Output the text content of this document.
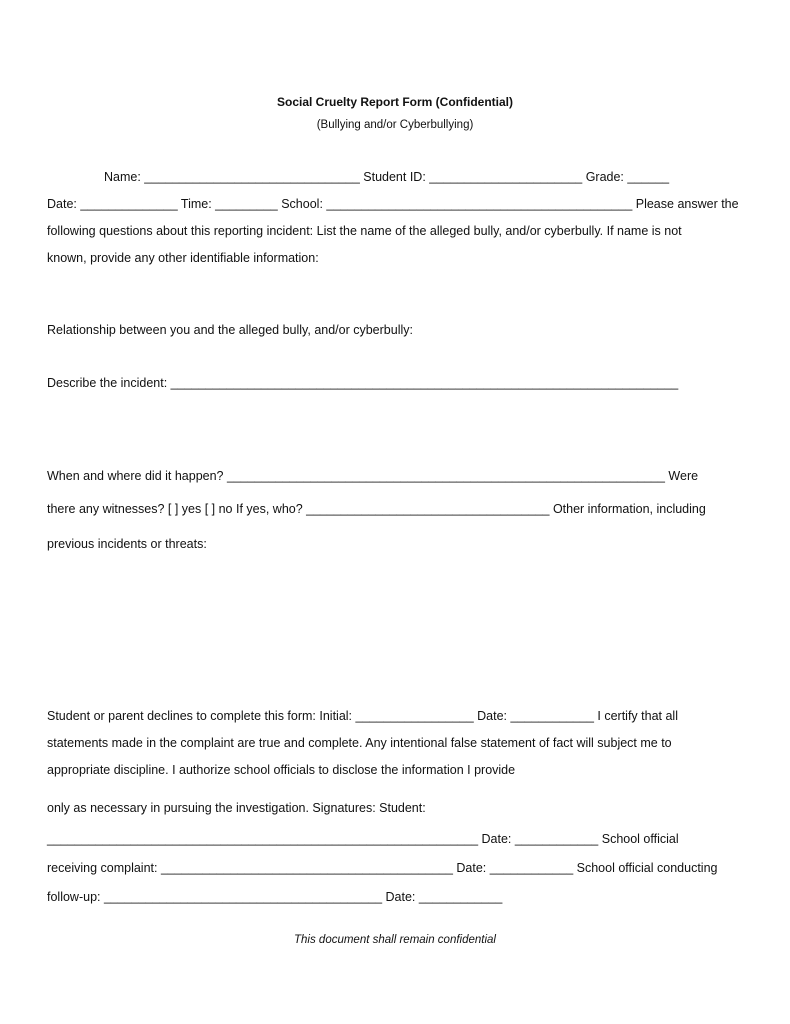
Social Cruelty Report Form (Confidential)
(Bullying and/or Cyberbullying)
Name: _______________________________ Student ID: ______________________ Grade: ______
Date: ______________ Time: _________ School: ____________________________________________ Please answer the
following questions about this reporting incident: List the name of the alleged bully, and/or cyberbully. If name is not
known, provide any other identifiable information:
Relationship between you and the alleged bully, and/or cyberbully:
Describe the incident: _________________________________________________________________________
When and where did it happen? _______________________________________________________________ Were
there any witnesses? [ ] yes [ ] no If yes, who? ___________________________________ Other information, including
previous incidents or threats:
Student or parent declines to complete this form: Initial: _________________ Date: ____________ I certify that all
statements made in the complaint are true and complete. Any intentional false statement of fact will subject me to
appropriate discipline. I authorize school officials to disclose the information I provide
only as necessary in pursuing the investigation. Signatures: Student:
______________________________________________________________ Date: ____________ School official
receiving complaint: __________________________________________ Date: ____________ School official conducting
follow-up: ________________________________________ Date: ____________
This document shall remain confidential
